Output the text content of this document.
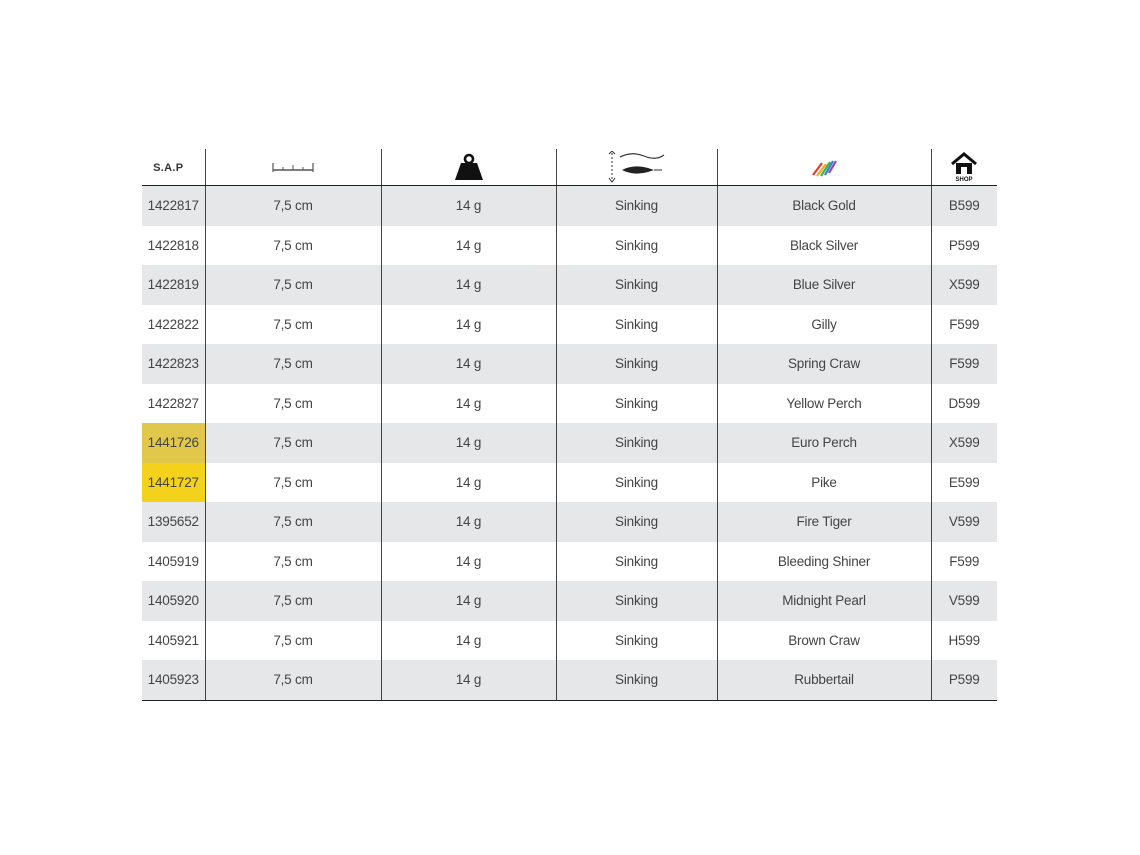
S.A.P					SHOP

1422817	7,5 cm	14 g	Sinking	Black Gold	B599
1422818	7,5 cm	14 g	Sinking	Black Silver	P599
1422819	7,5 cm	14 g	Sinking	Blue Silver	X599
1422822	7,5 cm	14 g	Sinking	Gilly	F599
1422823	7,5 cm	14 g	Sinking	Spring Craw	F599
1422827	7,5 cm	14 g	Sinking	Yellow Perch	D599
1441726	7,5 cm	14 g	Sinking	Euro Perch	X599
1441727	7,5 cm	14 g	Sinking	Pike	E599
1395652	7,5 cm	14 g	Sinking	Fire Tiger	V599
1405919	7,5 cm	14 g	Sinking	Bleeding Shiner	F599
1405920	7,5 cm	14 g	Sinking	Midnight Pearl	V599
1405921	7,5 cm	14 g	Sinking	Brown Craw	H599
1405923	7,5 cm	14 g	Sinking	Rubbertail	P599
